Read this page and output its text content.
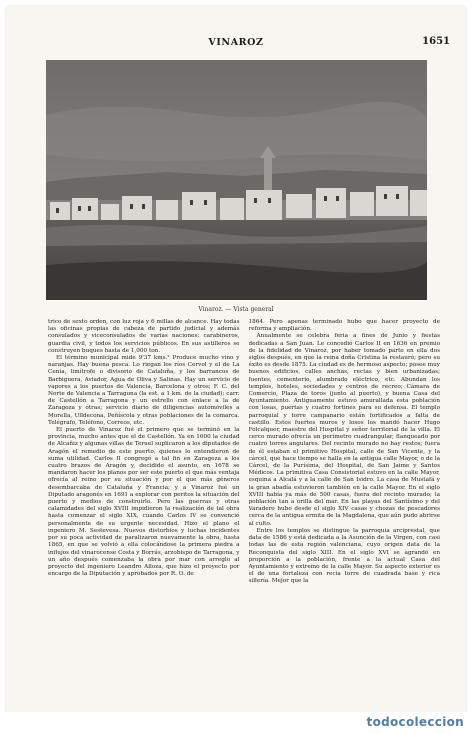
VINAROZ	1651
Vinaroz. — Vista general

trico de sexto orden, con luz roja y 6 millas de alcance. Hay todas las oficinas propias de cabeza de partido judicial y además consulados y viceconsulados de varias naciones; carabineros, guardia civil, y todos los servicios públicos. En sus astilleros se construyen buques hasta de 1,000 ton.

El término municipal mide 9'37 kms.² Produce mucho vino y naranjas. Hay buena pesca. Lo riegan los ríos Cervol y el de La Cenia, limítrofe o divisorio de Cataluña, y los barrancos de Barbiguera, Aviador, Agua de Oliva y Salinas. Hay un servicio de vapores a los puertos de Valencia, Barcelona y otros; F. C. del Norte de Valencia a Tarragona (la est. a 1 km. de la ciudad); carr. de Castellón a Tarragona y un estrello con enlace a la de Zaragoza y otras; servicio diario de diligencias automóviles a Morella, Ulldecona, Peñíscola y otras poblaciones de la comarca. Telégrafo, Teléfono, Correos, etc.

El puerto de Vinaroz fué el primero que se terminó en la provincia, mucho antes que el de Castellón. Ya en 1600 la ciudad de Alcañiz y algunas villas de Teruel suplicaron a los diputados de Aragón el remedio de este puerto, quienes lo entendieron de suma utilidad. Carlos II congregó a tal fin en Zaragoza a los cuatro brazos de Aragón y, decidido el asunto, en 1678 se mandaron hacer los planos por ser este puerto el que más ventaja ofrecía al reino por su situación y por el que más géneros desembarcaba de Cataluña y Francia; y a Vinaroz fué un Diputado aragonés en 1691 a explorar con peritos la situación del puerto y medios de construirlo. Pero las guerras y otras calamidades del siglo XVIII impidieron la realización de tal obra hasta comenzar el siglo XIX, cuando Carlos IV se convenció personalmente de su urgente necesidad. Hizo el plano el ingeniero M. Sestevesa. Nuevos disturbios y luchas incidentes por su poca actividad de paralizaron nuevamente la obra, hasta 1865, en que se volvió a ella colocándose la primera piedra a influjos del vinarocense Costa y Borrás, arzobispo de Tarragona, y un año después comenzaba la obra por mar con arreglo al proyecto del ingeniero Leandro Alloza, que hizo el proyecto por encargo de la Diputación y aprobados por R. O. de

1864. Pero apenas terminado hubo que hacer proyecto de reforma y ampliación.

Anualmente se celebra feria a fines de Junio y fiestas dedicadas a San Juan. Le concedió Carlos II en 1636 en premio de la fidelidad de Vinaroz, por haber tomado parte en ella dos siglos después, en que la reina doña Cristina la restauró; pero su éxito es desde 1875. La ciudad es de hermoso aspecto; posee muy buenos edificios, calles anchas, rectas y bien urbanizadas; fuentes, cementerio, alumbrado eléctrico, etc. Abundan los templos, hoteles, sociedades y centros de recreo; Cámara de Comercio, Plaza de toros (junto al puerto), y buena Casa del Ayuntamiento. Antiguamente estuvo amurallada esta población con losas, puertas y cuatro fortines para su defensa. El templo parroquial y torre campanario están fortificados a falta de castillo. Estos fuertes muros y losos los mandó hacer Hugo Folcalquer, maestre del Hospital y señor territorial de la villa. El cerco murado ofrecía un perímetro cuadrangular, flanqueado por cuatro torres angulares. Del recinto murado no hay restos; fuera de él estaban el primitivo Hospital, calle de San Vicente, y la cárcel, que hace tiempo se halla en la antigua calle Mayor, o de la Cárcel, de la Purísima, del Hospital, de San Jaime y Santos Médicos. La primitiva Casa Consistorial estuvo en la calle Mayor, esquina a Alcalá y a la calle de San Isidro. La casa de Mustafá y la gran abadía estuvieron también en la calle Mayor. En el siglo XVIII había ya más de 500 casas, fuera del recinto murado; la población tan a orilla del mar. En las playas del Santísimo y del Varadero hubo desde el siglo XIV casas y chozas de pescadores cerca de la antigua ermita de la Magdalena, que aún pudo abrirse al culto.

Entre los templos se distingue la parroquia arciprestal, que data de 1586 y está dedicada a la Asunción de la Virgen, con casi todas las de esta región valenciana, cuyo origen data de la Reconquista del siglo XIII. En el siglo XVI se agrandó en proporción a la población, frente a la actual Casa del Ayuntamiento y extremo de la calle Mayor. Su aspecto exterior es el de una fortaleza con recia torre de cuadrada base y rica sillería. Mejor que la

todocoleccion
